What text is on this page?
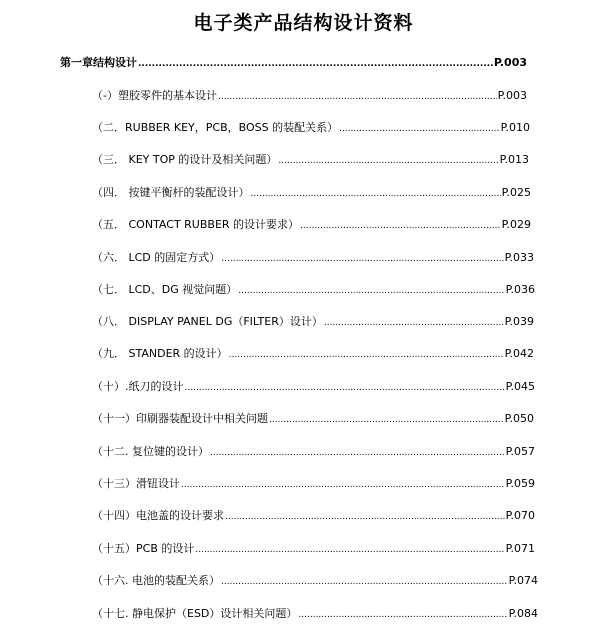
电子类产品结构设计资料
第一章结构设计 .....	P.003
（-）塑胶零件的基本设计 .....	P.003
（二．RUBBER KEY，PCB，BOSS 的装配关系） .....	P.010
（三． KEY TOP 的设计及相关问题） .....	P.013
（四． 按键平衡杆的装配设计） .....	P.025
（五． CONTACT RUBBER 的设计要求） .....	P.029
（六． LCD 的固定方式） .....	P.033
（七． LCD、DG 视觉问题） .....	P.036
（八． DISPLAY PANEL DG（FILTER）设计） .....	P.039
（九． STANDER 的设计） .....	P.042
（十）.纸刀的设计 .....	P.045
（十一）印刷器装配设计中相关问题 .....	P.050
（十二. 复位键的设计） .....	P.057
（十三）滑钮设计 .....	P.059
（十四）电池盖的设计要求 .....	P.070
（十五）PCB 的设计 .....	P.071
（十六. 电池的装配关系） .....	P.074
（十七. 静电保护（ESD）设计相关问题） .....	P.084
